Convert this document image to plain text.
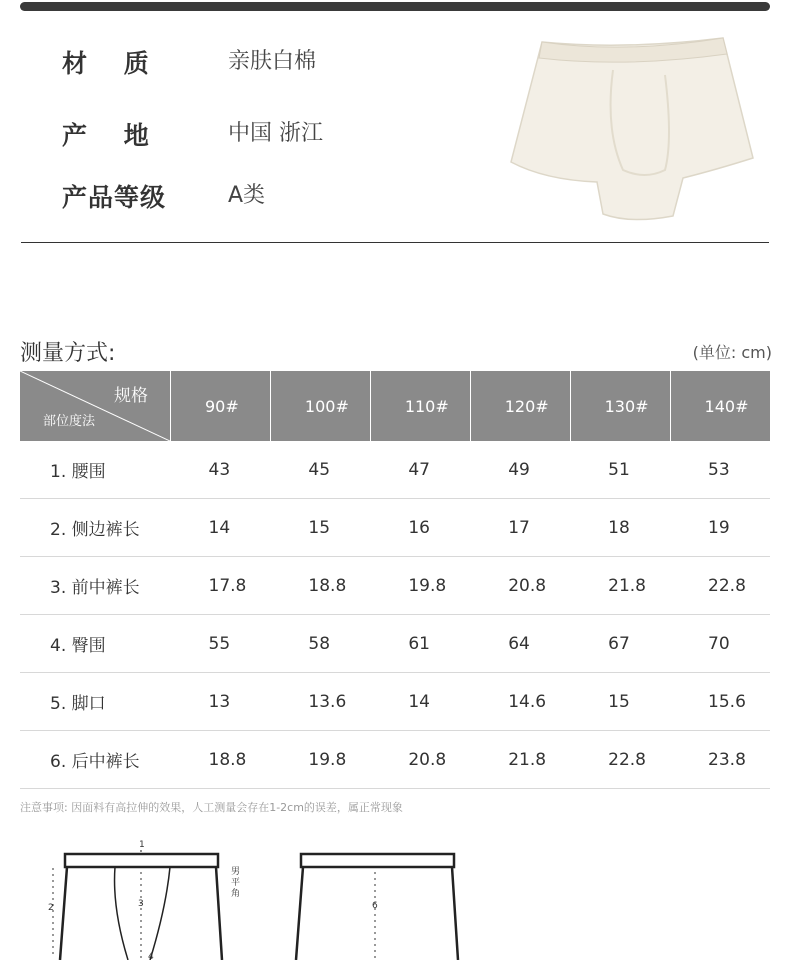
材　 质	亲肤白棉
产　 地	中国 浙江
产品等级	A类
测量方式:	(单位: cm)
规格
部位度法	90#	100#	110#	120#	130#	140#
1. 腰围	43	45	47	49	51	53
2. 侧边裤长	14	15	16	17	18	19
3. 前中裤长	17.8	18.8	19.8	20.8	21.8	22.8
4. 臀围	55	58	61	64	67	70
5. 脚口	13	13.6	14	14.6	15	15.6
6. 后中裤长	18.8	19.8	20.8	21.8	22.8	23.8
注意事项: 因面料有高拉伸的效果，人工测量会存在1-2cm的误差，属正常现象
1
2	3
4
男
平
角
6
